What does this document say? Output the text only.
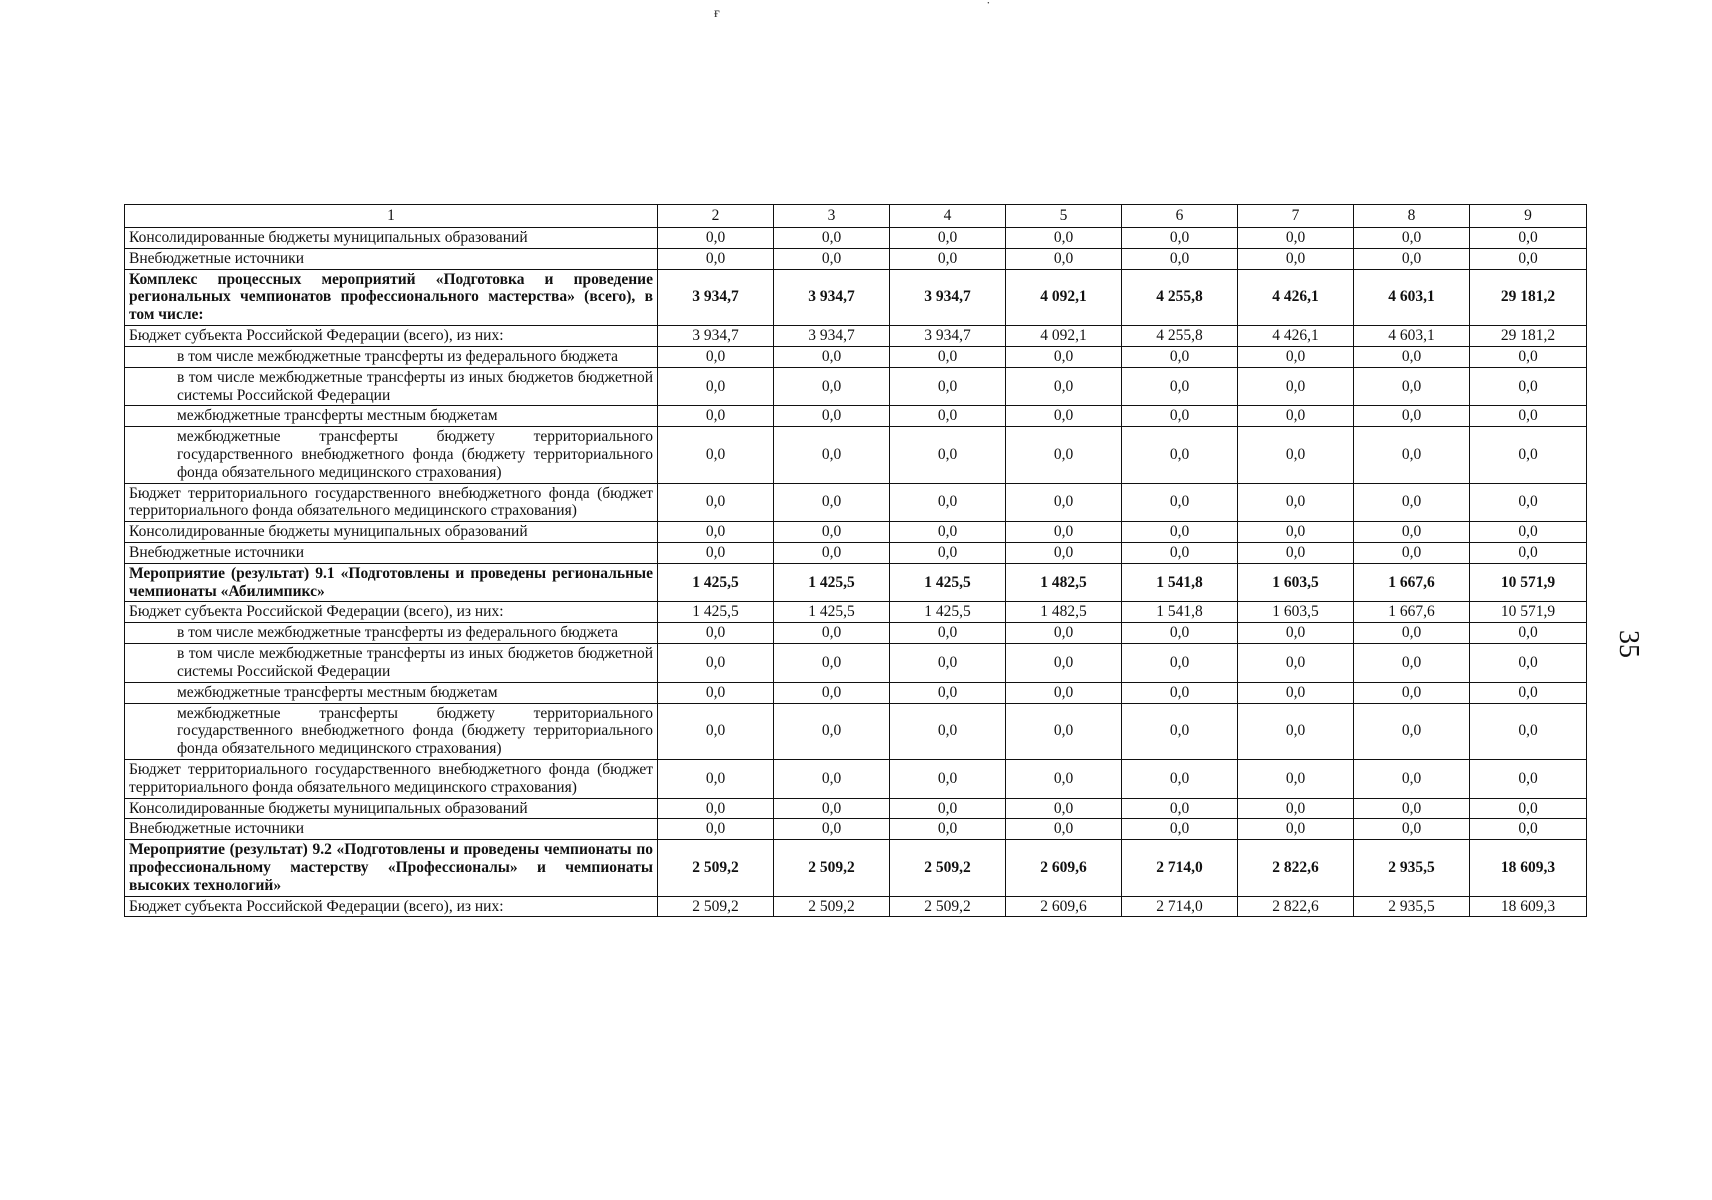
ғ	˙
1	2	3	4	5	6	7	8	9
Консолидированные бюджеты муниципальных образований	0,0	0,0	0,0	0,0	0,0	0,0	0,0	0,0
Внебюджетные источники	0,0	0,0	0,0	0,0	0,0	0,0	0,0	0,0
Комплекс процессных мероприятий «Подготовка и проведение региональных чемпионатов профессионального мастерства» (всего), в том числе:	3 934,7	3 934,7	3 934,7	4 092,1	4 255,8	4 426,1	4 603,1	29 181,2
Бюджет субъекта Российской Федерации (всего), из них:	3 934,7	3 934,7	3 934,7	4 092,1	4 255,8	4 426,1	4 603,1	29 181,2
в том числе межбюджетные трансферты из федерального бюджета	0,0	0,0	0,0	0,0	0,0	0,0	0,0	0,0
в том числе межбюджетные трансферты из иных бюджетов бюджетной системы Российской Федерации	0,0	0,0	0,0	0,0	0,0	0,0	0,0	0,0
межбюджетные трансферты местным бюджетам	0,0	0,0	0,0	0,0	0,0	0,0	0,0	0,0
межбюджетные трансферты бюджету территориального государственного внебюджетного фонда (бюджету территориального фонда обязательного медицинского страхования)	0,0	0,0	0,0	0,0	0,0	0,0	0,0	0,0
Бюджет территориального государственного внебюджетного фонда (бюджет территориального фонда обязательного медицинского страхования)	0,0	0,0	0,0	0,0	0,0	0,0	0,0	0,0
Консолидированные бюджеты муниципальных образований	0,0	0,0	0,0	0,0	0,0	0,0	0,0	0,0
Внебюджетные источники	0,0	0,0	0,0	0,0	0,0	0,0	0,0	0,0
Мероприятие (результат) 9.1 «Подготовлены и проведены региональные чемпионаты «Абилимпикс»	1 425,5	1 425,5	1 425,5	1 482,5	1 541,8	1 603,5	1 667,6	10 571,9
Бюджет субъекта Российской Федерации (всего), из них:	1 425,5	1 425,5	1 425,5	1 482,5	1 541,8	1 603,5	1 667,6	10 571,9
в том числе межбюджетные трансферты из федерального бюджета	0,0	0,0	0,0	0,0	0,0	0,0	0,0	0,0
в том числе межбюджетные трансферты из иных бюджетов бюджетной системы Российской Федерации	0,0	0,0	0,0	0,0	0,0	0,0	0,0	0,0
межбюджетные трансферты местным бюджетам	0,0	0,0	0,0	0,0	0,0	0,0	0,0	0,0
межбюджетные трансферты бюджету территориального государственного внебюджетного фонда (бюджету территориального фонда обязательного медицинского страхования)	0,0	0,0	0,0	0,0	0,0	0,0	0,0	0,0
Бюджет территориального государственного внебюджетного фонда (бюджет территориального фонда обязательного медицинского страхования)	0,0	0,0	0,0	0,0	0,0	0,0	0,0	0,0
Консолидированные бюджеты муниципальных образований	0,0	0,0	0,0	0,0	0,0	0,0	0,0	0,0
Внебюджетные источники	0,0	0,0	0,0	0,0	0,0	0,0	0,0	0,0
Мероприятие (результат) 9.2 «Подготовлены и проведены чемпионаты по профессиональному мастерству «Профессионалы» и чемпионаты высоких технологий»	2 509,2	2 509,2	2 509,2	2 609,6	2 714,0	2 822,6	2 935,5	18 609,3
Бюджет субъекта Российской Федерации (всего), из них:	2 509,2	2 509,2	2 509,2	2 609,6	2 714,0	2 822,6	2 935,5	18 609,3
35
